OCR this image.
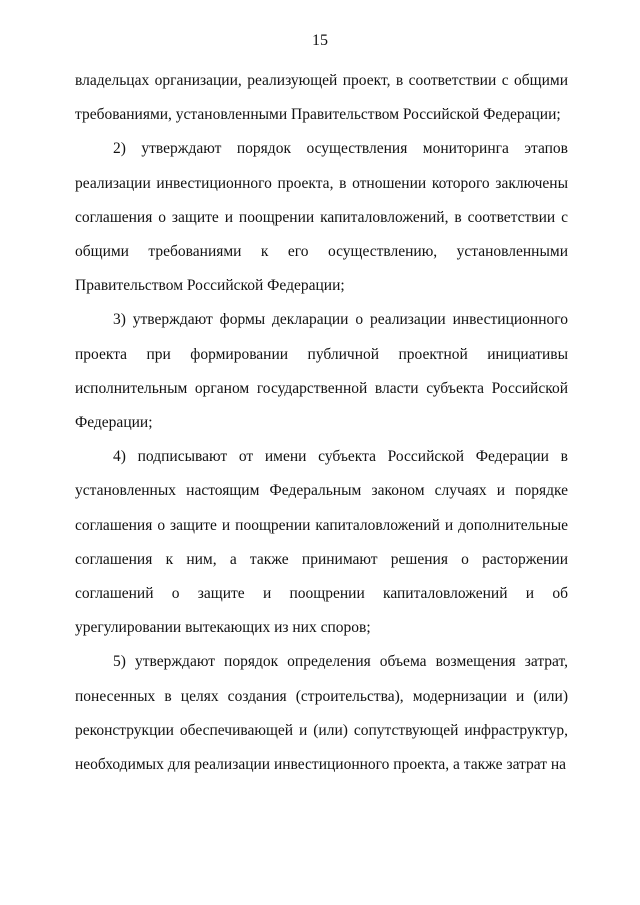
15

владельцах организации, реализующей проект, в соответствии с общими требованиями, установленными Правительством Российской Федерации;

2) утверждают порядок осуществления мониторинга этапов реализации инвестиционного проекта, в отношении которого заключены соглашения о защите и поощрении капиталовложений, в соответствии с общими требованиями к его осуществлению, установленными Правительством Российской Федерации;

3) утверждают формы декларации о реализации инвестиционного проекта при формировании публичной проектной инициативы исполнительным органом государственной власти субъекта Российской Федерации;

4) подписывают от имени субъекта Российской Федерации в установленных настоящим Федеральным законом случаях и порядке соглашения о защите и поощрении капиталовложений и дополнительные соглашения к ним, а также принимают решения о расторжении соглашений о защите и поощрении капиталовложений и об урегулировании вытекающих из них споров;

5) утверждают порядок определения объема возмещения затрат, понесенных в целях создания (строительства), модернизации и (или) реконструкции обеспечивающей и (или) сопутствующей инфраструктур, необходимых для реализации инвестиционного проекта, а также затрат на
